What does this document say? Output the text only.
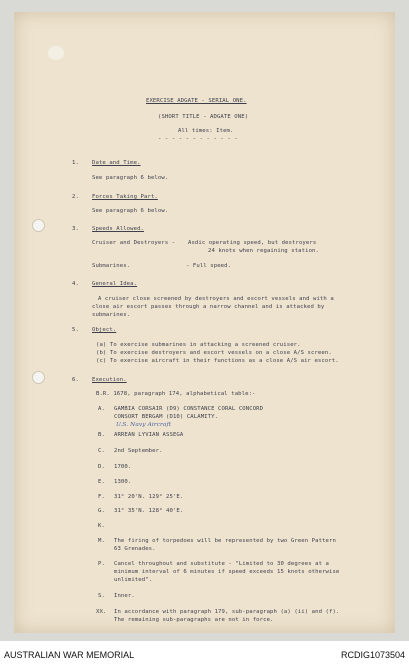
EXERCISE ADGATE - SERIAL ONE.
(SHORT TITLE - ADGATE ONE)
All times: Item.
- - - - - - - - - - - -
1. Date and Time.
See paragraph 6 below.
2. Forces Taking Part.
See paragraph 6 below.
3. Speeds Allowed.
Cruiser and Destroyers - Asdic operating speed, but destroyers
24 knots when regaining station.
Submarines.	- Full speed.
4. General Idea.
A cruiser close screened by destroyers and escort vessels and with a
close air escort passes through a narrow channel and is attacked by
submarines.
5. Object.
(a) To exercise submarines in attacking a screened cruiser.
(b) To exercise destroyers and escort vessels on a close A/S screen.
(c) To exercise aircraft in their functions as a close A/S air escort.
6. Execution.
B.R. 1678, paragraph 174, alphabetical table:-
A. GAMBIA CORSAIR (D9) CONSTANCE CORAL CONCORD
CONSORT BERGAM (D10) CALAMITY.
U.S. Navy Aircraft
B. ARREAN LYVIAN ASSEGA
C. 2nd September.
D. 1700.
E. 1300.
F. 31° 20'N. 129° 25'E.
G. 31° 35'N. 128° 40'E.
K.
M. The firing of torpedoes will be represented by two Green Pattern
63 Grenades.
P. Cancel throughout and substitute - "Limited to 30 degrees at a
minimum interval of 6 minutes if speed exceeds 15 knots otherwise
unlimited".
S. Inner.
XX. In accordance with paragraph 179, sub-paragraph (a) (ii) and (f).
The remaining sub-paragraphs are not in force.
AUSTRALIAN WAR MEMORIAL	RCDIG1073504
